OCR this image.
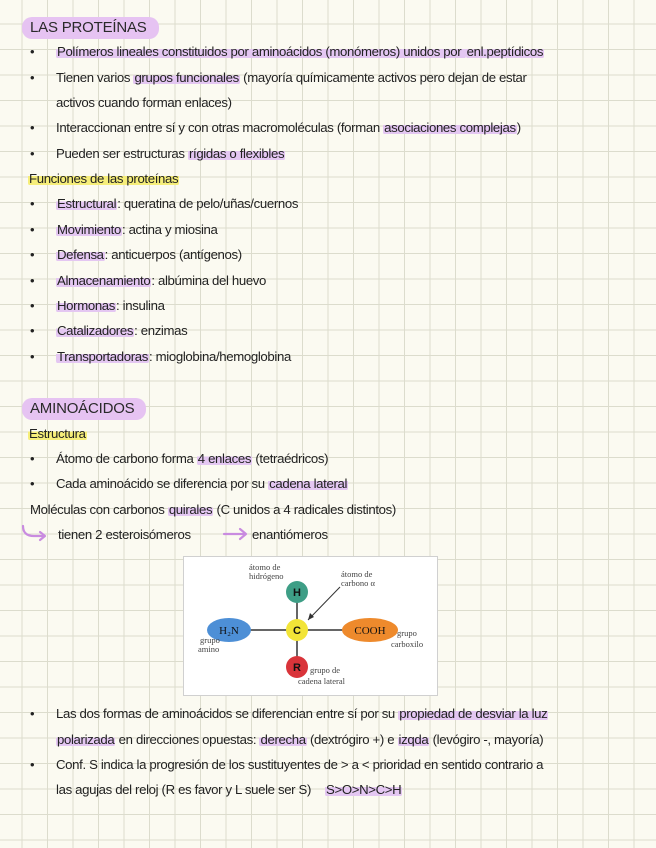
LAS PROTEÍNAS
• Polímeros lineales constituidos por aminoácidos (monómeros) unidos por enl.peptídicos
• Tienen varios grupos funcionales (mayoría químicamente activos pero dejan de estar
activos cuando forman enlaces)
• Interaccionan entre sí y con otras macromoléculas (forman asociaciones complejas)
• Pueden ser estructuras rígidas o flexibles
Funciones de las proteínas
• Estructural: queratina de pelo/uñas/cuernos
• Movimiento: actina y miosina
• Defensa: anticuerpos (antígenos)
• Almacenamiento: albúmina del huevo
• Hormonas: insulina
• Catalizadores: enzimas
• Transportadoras: mioglobina/hemoglobina
AMINOÁCIDOS
Estructura
• Átomo de carbono forma 4 enlaces (tetraédricos)
• Cada aminoácido se diferencia por su cadena lateral
Moléculas con carbonos quirales (C unidos a 4 radicales distintos)
tienen 2 esteroisómeros	enantiómeros
H
C
R
H₂N	COOH
átomo de hidrógeno	átomo de carbono α
grupo amino
grupo carboxilo
grupo de cadena lateral
• Las dos formas de aminoácidos se diferencian entre sí por su propiedad de desviar la luz
polarizada en direcciones opuestas: derecha (dextrógiro +) e izqda (levógiro -, mayoría)
• Conf. S indica la progresión de los sustituyentes de > a < prioridad en sentido contrario a
las agujas del reloj (R es favor y L suele ser S) S>O>N>C>H
